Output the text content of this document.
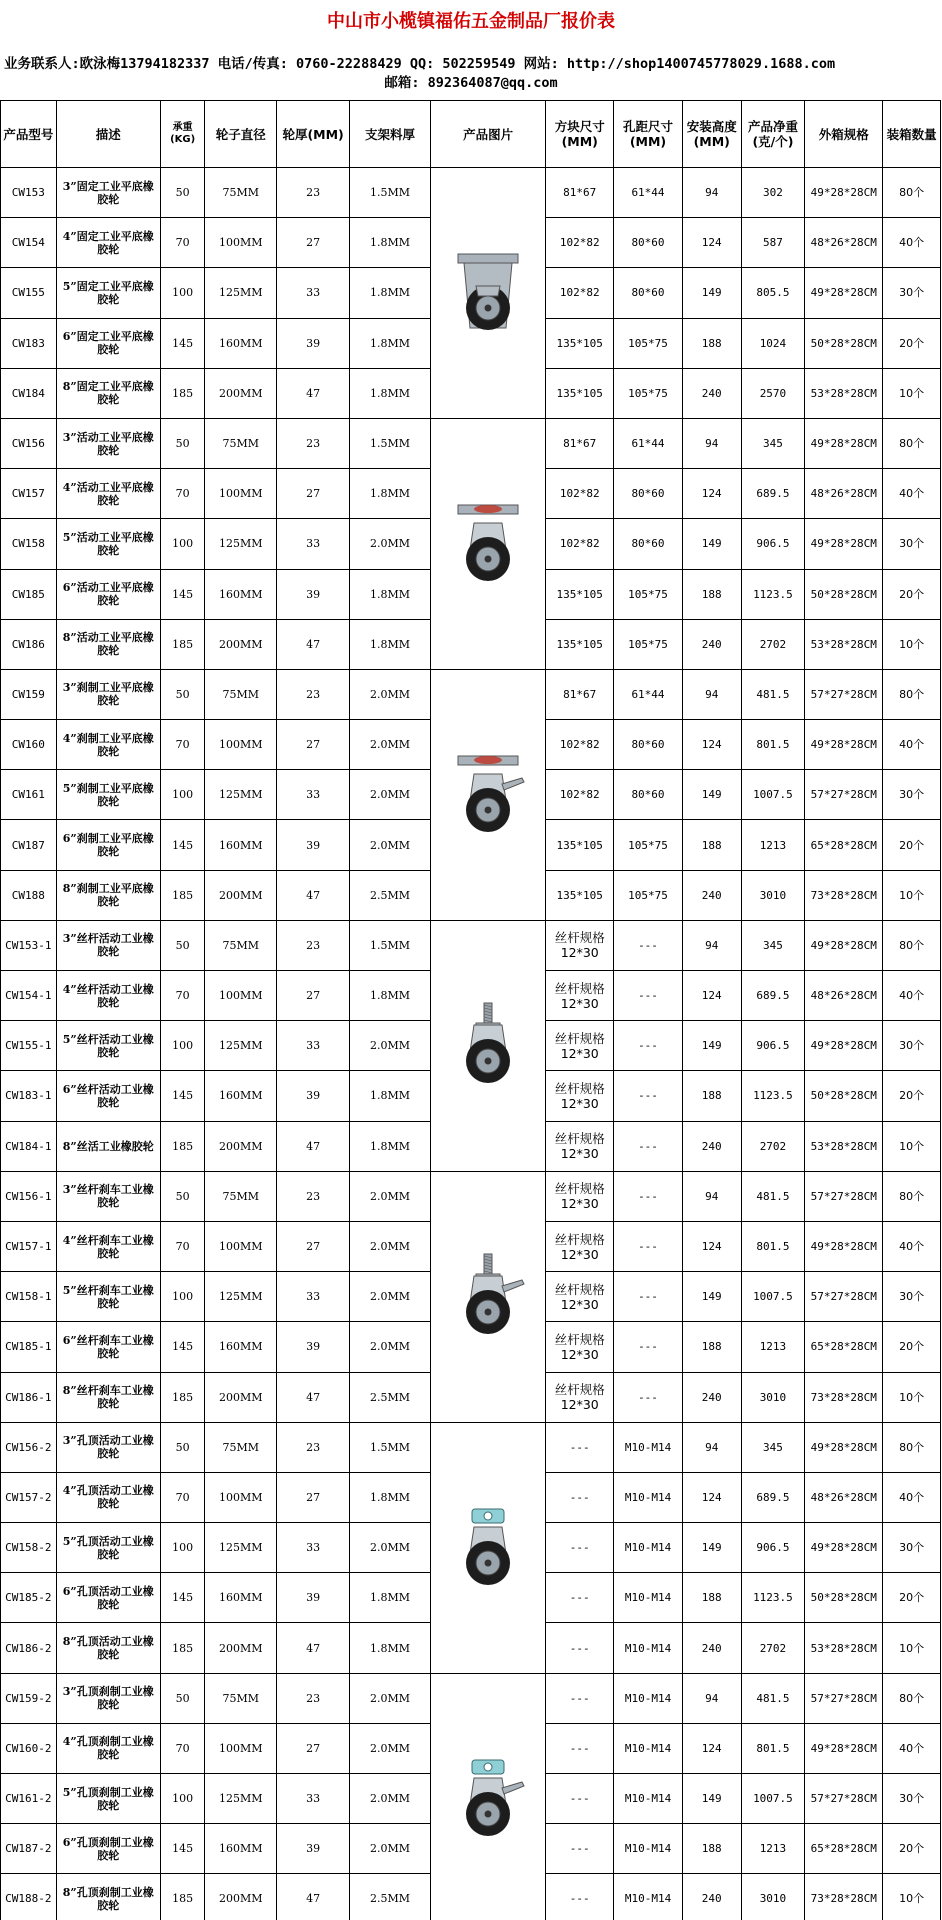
中山市小榄镇福佑五金制品厂报价表
业务联系人:欧泳梅13794182337 电话/传真: 0760-22288429 QQ: 502259549 网站: http://shop1400745778029.1688.com
邮箱: 892364087@qq.com
产品型号	描述	承重(KG)	轮子直径	轮厚(MM)	支架料厚	产品图片	方块尺寸(MM)	孔距尺寸(MM)	安装高度(MM)	产品净重(克/个)	外箱规格	装箱数量
CW153	3”固定工业平底橡胶轮	50	75MM	23	1.5MM		81*67	61*44	94	302	49*28*28CM	80个
CW154	4”固定工业平底橡胶轮	70	100MM	27	1.8MM		102*82	80*60	124	587	48*26*28CM	40个
CW155	5”固定工业平底橡胶轮	100	125MM	33	1.8MM		102*82	80*60	149	805.5	49*28*28CM	30个
CW183	6”固定工业平底橡胶轮	145	160MM	39	1.8MM		135*105	105*75	188	1024	50*28*28CM	20个
CW184	8”固定工业平底橡胶轮	185	200MM	47	1.8MM		135*105	105*75	240	2570	53*28*28CM	10个
CW156	3”活动工业平底橡胶轮	50	75MM	23	1.5MM		81*67	61*44	94	345	49*28*28CM	80个
CW157	4”活动工业平底橡胶轮	70	100MM	27	1.8MM		102*82	80*60	124	689.5	48*26*28CM	40个
CW158	5”活动工业平底橡胶轮	100	125MM	33	2.0MM		102*82	80*60	149	906.5	49*28*28CM	30个
CW185	6”活动工业平底橡胶轮	145	160MM	39	1.8MM		135*105	105*75	188	1123.5	50*28*28CM	20个
CW186	8”活动工业平底橡胶轮	185	200MM	47	1.8MM		135*105	105*75	240	2702	53*28*28CM	10个
CW159	3”刹制工业平底橡胶轮	50	75MM	23	2.0MM		81*67	61*44	94	481.5	57*27*28CM	80个
CW160	4”刹制工业平底橡胶轮	70	100MM	27	2.0MM		102*82	80*60	124	801.5	49*28*28CM	40个
CW161	5”刹制工业平底橡胶轮	100	125MM	33	2.0MM		102*82	80*60	149	1007.5	57*27*28CM	30个
CW187	6”刹制工业平底橡胶轮	145	160MM	39	2.0MM		135*105	105*75	188	1213	65*28*28CM	20个
CW188	8”刹制工业平底橡胶轮	185	200MM	47	2.5MM		135*105	105*75	240	3010	73*28*28CM	10个
CW153-1	3”丝杆活动工业橡胶轮	50	75MM	23	1.5MM		丝杆规格12*30	---	94	345	49*28*28CM	80个
CW154-1	4”丝杆活动工业橡胶轮	70	100MM	27	1.8MM		丝杆规格12*30	---	124	689.5	48*26*28CM	40个
CW155-1	5”丝杆活动工业橡胶轮	100	125MM	33	2.0MM		丝杆规格12*30	---	149	906.5	49*28*28CM	30个
CW183-1	6”丝杆活动工业橡胶轮	145	160MM	39	1.8MM		丝杆规格12*30	---	188	1123.5	50*28*28CM	20个
CW184-1	8”丝活工业橡胶轮	185	200MM	47	1.8MM		丝杆规格12*30	---	240	2702	53*28*28CM	10个
CW156-1	3”丝杆刹车工业橡胶轮	50	75MM	23	2.0MM		丝杆规格12*30	---	94	481.5	57*27*28CM	80个
CW157-1	4”丝杆刹车工业橡胶轮	70	100MM	27	2.0MM		丝杆规格12*30	---	124	801.5	49*28*28CM	40个
CW158-1	5”丝杆刹车工业橡胶轮	100	125MM	33	2.0MM		丝杆规格12*30	---	149	1007.5	57*27*28CM	30个
CW185-1	6”丝杆刹车工业橡胶轮	145	160MM	39	2.0MM		丝杆规格12*30	---	188	1213	65*28*28CM	20个
CW186-1	8”丝杆刹车工业橡胶轮	185	200MM	47	2.5MM		丝杆规格12*30	---	240	3010	73*28*28CM	10个
CW156-2	3”孔顶活动工业橡胶轮	50	75MM	23	1.5MM		---	M10-M14	94	345	49*28*28CM	80个
CW157-2	4”孔顶活动工业橡胶轮	70	100MM	27	1.8MM		---	M10-M14	124	689.5	48*26*28CM	40个
CW158-2	5”孔顶活动工业橡胶轮	100	125MM	33	2.0MM		---	M10-M14	149	906.5	49*28*28CM	30个
CW185-2	6”孔顶活动工业橡胶轮	145	160MM	39	1.8MM		---	M10-M14	188	1123.5	50*28*28CM	20个
CW186-2	8”孔顶活动工业橡胶轮	185	200MM	47	1.8MM		---	M10-M14	240	2702	53*28*28CM	10个
CW159-2	3”孔顶刹制工业橡胶轮	50	75MM	23	2.0MM		---	M10-M14	94	481.5	57*27*28CM	80个
CW160-2	4”孔顶刹制工业橡胶轮	70	100MM	27	2.0MM		---	M10-M14	124	801.5	49*28*28CM	40个
CW161-2	5”孔顶刹制工业橡胶轮	100	125MM	33	2.0MM		---	M10-M14	149	1007.5	57*27*28CM	30个
CW187-2	6”孔顶刹制工业橡胶轮	145	160MM	39	2.0MM		---	M10-M14	188	1213	65*28*28CM	20个
CW188-2	8”孔顶刹制工业橡胶轮	185	200MM	47	2.5MM		---	M10-M14	240	3010	73*28*28CM	10个
